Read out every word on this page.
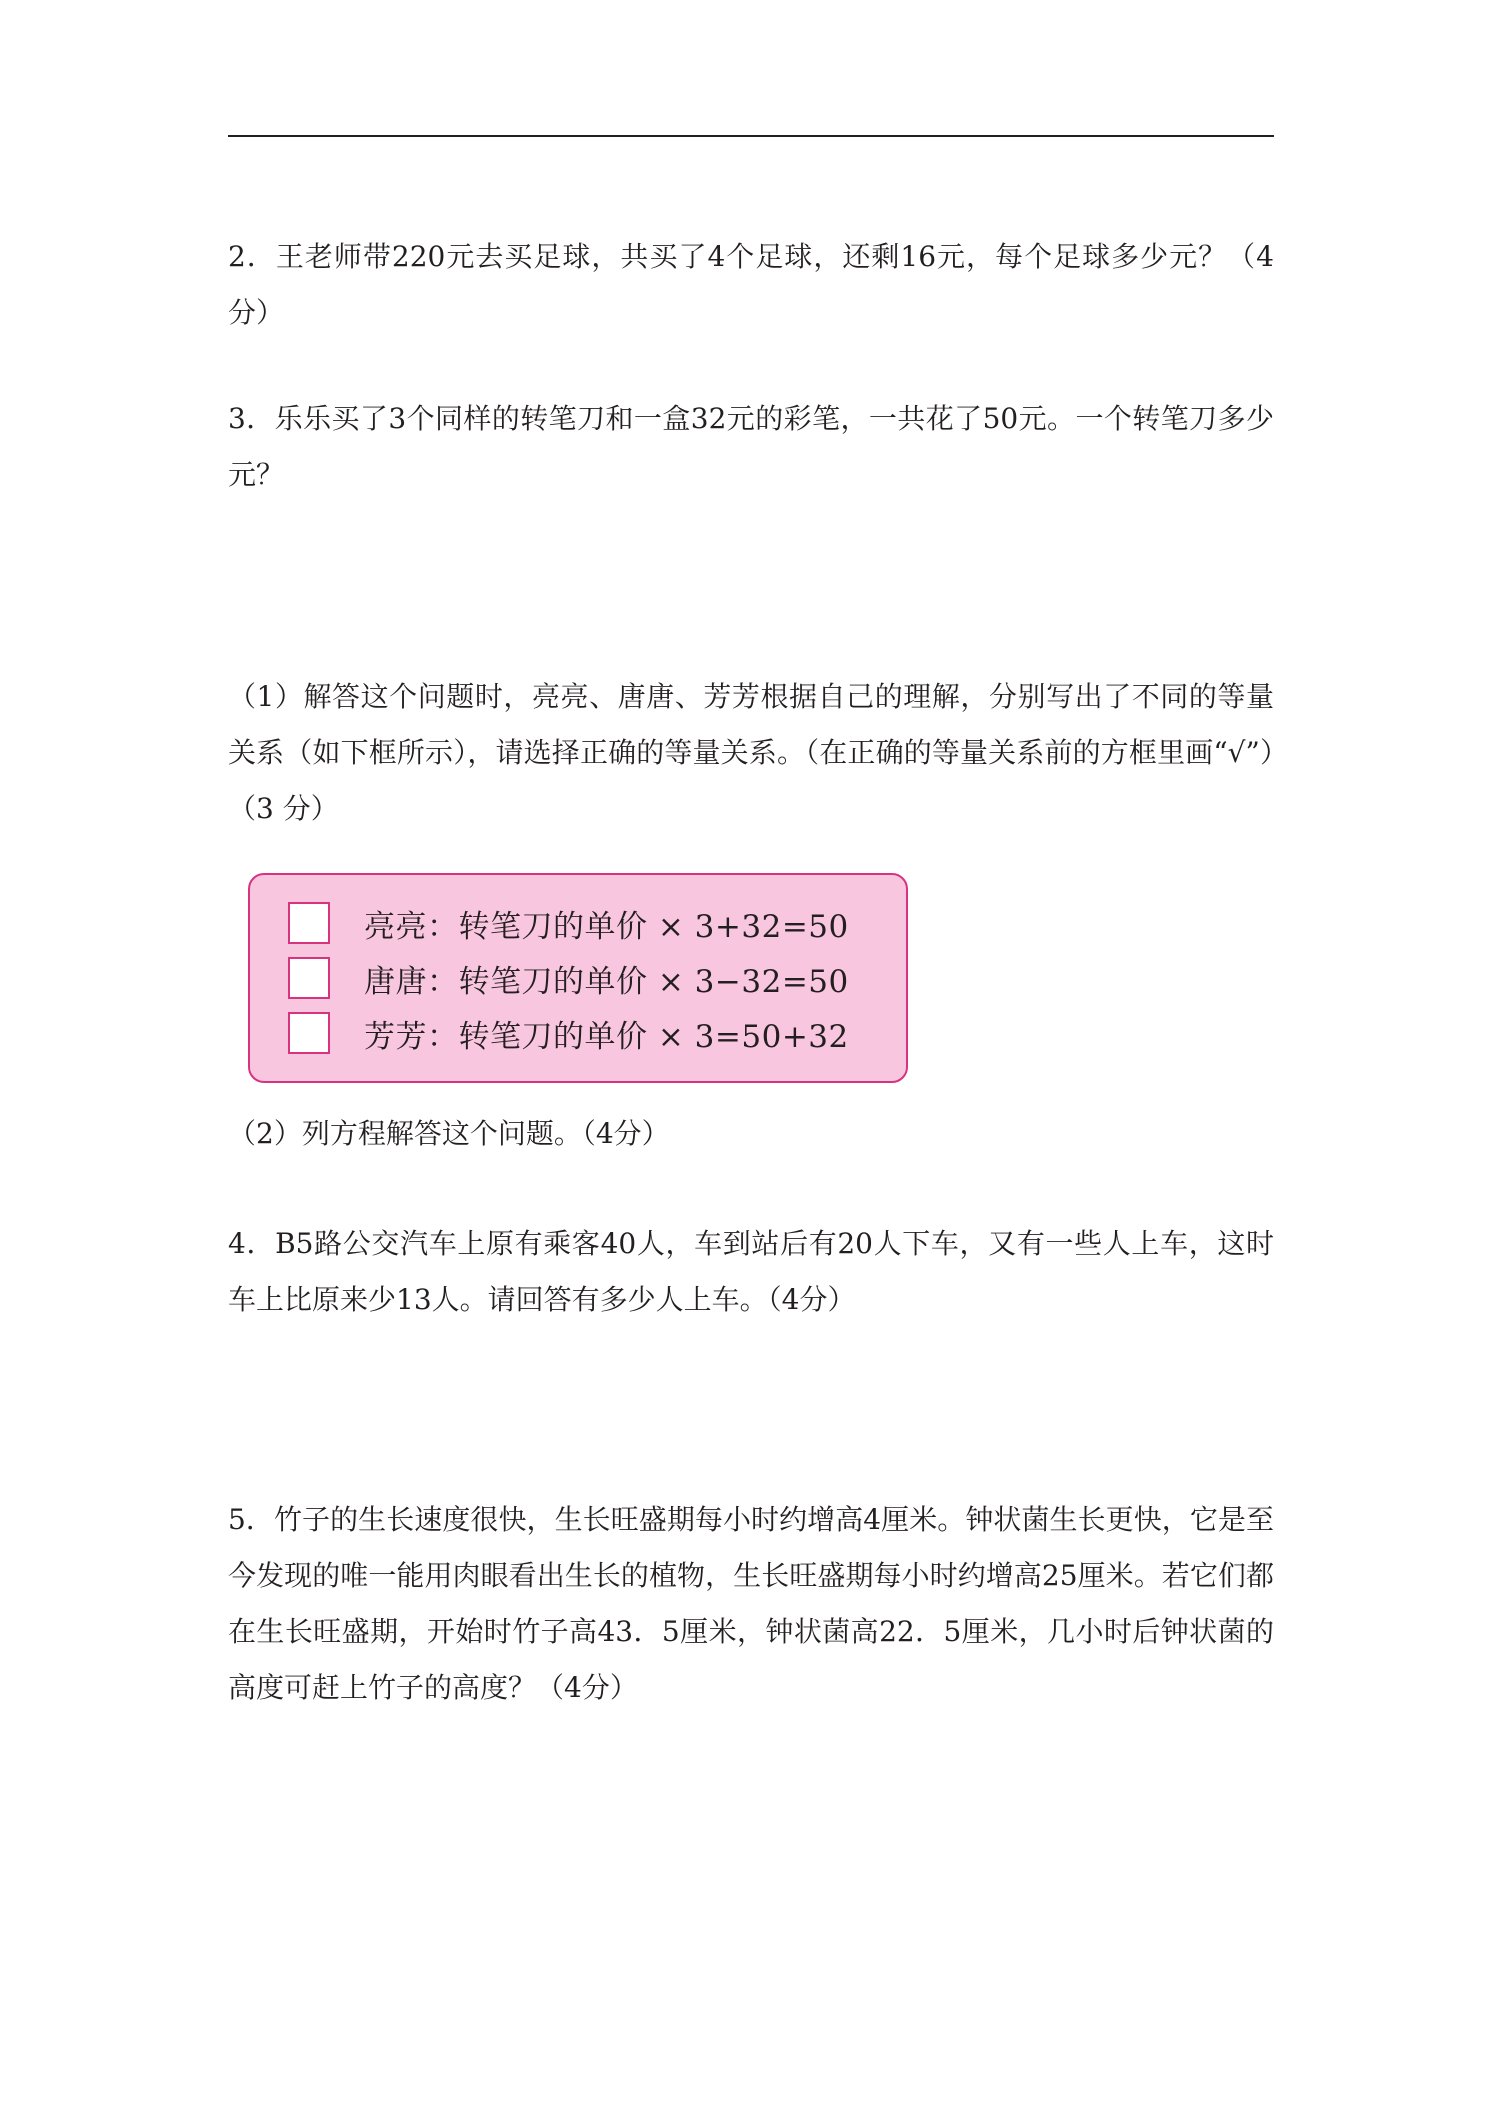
2．王老师带220元去买足球，共买了4个足球，还剩16元，每个足球多少元？（4分）

3．乐乐买了3个同样的转笔刀和一盒32元的彩笔，一共花了50元。一个转笔刀多少元？

（1）解答这个问题时，亮亮、唐唐、芳芳根据自己的理解，分别写出了不同的等量关系（如下框所示），请选择正确的等量关系。（在正确的等量关系前的方框里画“√”）（3 分）

亮亮：转笔刀的单价 × 3+32=50
唐唐：转笔刀的单价 × 3−32=50
芳芳：转笔刀的单价 × 3=50+32

（2）列方程解答这个问题。（4分）

4．B5路公交汽车上原有乘客40人，车到站后有20人下车，又有一些人上车，这时车上比原来少13人。请回答有多少人上车。（4分）

5．竹子的生长速度很快，生长旺盛期每小时约增高4厘米。钟状菌生长更快，它是至今发现的唯一能用肉眼看出生长的植物，生长旺盛期每小时约增高25厘米。若它们都在生长旺盛期，开始时竹子高43．5厘米，钟状菌高22．5厘米，几小时后钟状菌的高度可赶上竹子的高度？（4分）
